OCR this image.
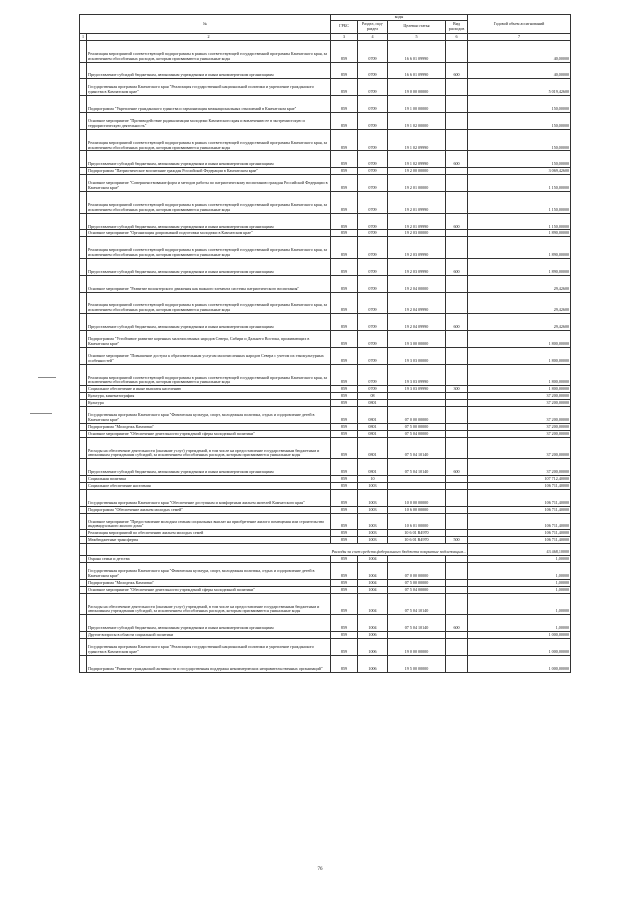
№		коды				Годовой объем ассигнований
		ГРБС	Раздел, под-раздел	Целевая статья	Вид расходов	
1	2	3	4	5	6	7
	Реализация мероприятий соответствующей подпрограммы в рамках соответствующей государственной программы Камчатского края, за исключением обособленных расходов, которым присваиваются уникальные коды	859	0709	16 6 01 09990		40,00000
	Предоставление субсидий бюджетным, автономным учреждениям и иным некоммерческим организациям	859	0709	16 6 01 09990	600	40,00000
	Государственная программа Камчатского края "Реализация государственной национальной политики и укрепление гражданского единства в Камчатском крае"	859	0709	19 0 00 00000		5 019,42600
	Подпрограмма "Укрепление гражданского единства и гармонизация межнациональных отношений в Камчатском крае"	859	0709	19 1 00 00000		150,00000
	Основное мероприятие "Противодействие радикализации молодежи Камчатского края и вовлечению ее в экстремистскую и террористическую деятельность"	859	0709	19 1 02 00000		150,00000
	Реализация мероприятий соответствующей подпрограммы в рамках соответствующей государственной программы Камчатского края, за исключением обособленных расходов, которым присваиваются уникальные коды	859	0709	19 1 02 09990		150,00000
	Предоставление субсидий бюджетным, автономным учреждениям и иным некоммерческим организациям	859	0709	19 1 02 09990	600	150,00000
	Подпрограмма "Патриотическое воспитание граждан Российской Федерации в Камчатском крае"	859	0709	19 2 00 00000		3 069,42600
	Основное мероприятие "Совершенствование форм и методов работы по патриотическому воспитанию граждан Российской Федерации в Камчатском крае"	859	0709	19 2 01 00000		1 150,00000
	Реализация мероприятий соответствующей подпрограммы в рамках соответствующей государственной программы Камчатского края, за исключением обособленных расходов, которым присваиваются уникальные коды	859	0709	19 2 01 09990		1 150,00000
	Предоставление субсидий бюджетным, автономным учреждениям и иным некоммерческим организациям	859	0709	19 2 01 09990	600	1 150,00000
	Основное мероприятие "Организация допризывной подготовки молодежи в Камчатском крае"	859	0709	19 2 03 00000		1 890,00000
	Реализация мероприятий соответствующей подпрограммы в рамках соответствующей государственной программы Камчатского края, за исключением обособленных расходов, которым присваиваются уникальные коды	859	0709	19 2 03 09990		1 890,00000
	Предоставление субсидий бюджетным, автономным учреждениям и иным некоммерческим организациям	859	0709	19 2 03 09990	600	1 890,00000
	Основное мероприятие "Развитие волонтерского движения как важного элемента системы патриотического воспитания"	859	0709	19 2 04 00000		29,42600
	Реализация мероприятий соответствующей подпрограммы в рамках соответствующей государственной программы Камчатского края, за исключением обособленных расходов, которым присваиваются уникальные коды	859	0709	19 2 04 09990		29,42600
	Предоставление субсидий бюджетным, автономным учреждениям и иным некоммерческим организациям	859	0709	19 2 04 09990	600	29,42600
	Подпрограмма "Устойчивое развитие коренных малочисленных народов Севера, Сибири и Дальнего Востока, проживающих в Камчатском крае"	859	0709	19 3 00 00000		1 800,00000
	Основное мероприятие "Повышение доступа к образовательным услугам малочисленных народов Севера с учетом их этнокультурных особенностей"	859	0709	19 3 03 00000		1 800,00000
	Реализация мероприятий соответствующей подпрограммы в рамках соответствующей государственной программы Камчатского края, за исключением обособленных расходов, которым присваиваются уникальные коды	859	0709	19 3 03 09990		1 800,00000
	Социальное обеспечение и иные выплаты населению	859	0709	19 3 03 09990	300	1 800,00000
	Культура, кинематография	859	08			37 200,00000
	Культура	859	0801			37 200,00000
	Государственная программа Камчатского края "Физическая культура, спорт, молодежная политика, отдых и оздоровление детей в Камчатском крае"	859	0801	07 0 00 00000		37 200,00000
	Подпрограмма "Молодежь Камчатки"	859	0801	07 5 00 00000		37 200,00000
	Основное мероприятие "Обеспечение деятельности учреждений сферы молодежной политики"	859	0801	07 5 04 00000		37 200,00000
	Расходы на обеспечение деятельности (оказание услуг) учреждений, в том числе на предоставление государственным бюджетным и автономным учреждениям субсидий, за исключением обособленных расходов, которым присваиваются уникальные коды	859	0801	07 5 04 10140		37 200,00000
	Предоставление субсидий бюджетным, автономным учреждениям и иным некоммерческим организациям	859	0801	07 5 04 10140	600	37 200,00000
	Социальная политика	859	10			107 712,40000
	Социальное обеспечение населения	859	1003			106 711,40000
	Государственная программа Камчатского края "Обеспечение доступным и комфортным жильем жителей Камчатского края"	859	1003	10 0 00 00000		106 711,40000
	Подпрограмма "Обеспечение жильем молодых семей"	859	1003	10 6 00 00000		106 711,40000
	Основное мероприятие "Предоставление молодым семьям социальных выплат на приобретение жилого помещения или строительство индивидуального жилого дома"	859	1003	10 6 01 00000		106 711,40000
	Реализация мероприятий по обеспечению жильем молодых семей	859	1003	10 6 01 R4970		106 711,40000
	Межбюджетные трансферты	859	1003	10 6 01 R4970	500	106 711,40000
	Расходы за счет средств федерального бюджета покрытые подлежащим...					43 468,10000
	Охрана семьи и детства	859	1004			1,00000
	Государственная программа Камчатского края "Физическая культура, спорт, молодежная политика, отдых и оздоровление детей в Камчатском крае"	859	1004	07 0 00 00000		1,00000
	Подпрограмма "Молодежь Камчатки"	859	1004	07 5 00 00000		1,00000
	Основное мероприятие "Обеспечение деятельности учреждений сферы молодежной политики"	859	1004	07 5 04 00000		1,00000
	Расходы на обеспечение деятельности (оказание услуг) учреждений, в том числе на предоставление государственным бюджетным и автономным учреждениям субсидий, за исключением обособленных расходов, которым присваиваются уникальные коды	859	1004	07 5 04 10140		1,00000
	Предоставление субсидий бюджетным, автономным учреждениям и иным некоммерческим организациям	859	1004	07 5 04 10140	600	1,00000
	Другие вопросы в области социальной политики	859	1006			1 000,00000
	Государственная программа Камчатского края "Реализация государственной национальной политики и укрепление гражданского единства в Камчатском крае"	859	1006	19 0 00 00000		1 000,00000
	Подпрограмма "Развитие гражданской активности и государственная поддержка некоммерческих неправительственных организаций"	859	1006	19 5 00 00000		1 000,00000
76
